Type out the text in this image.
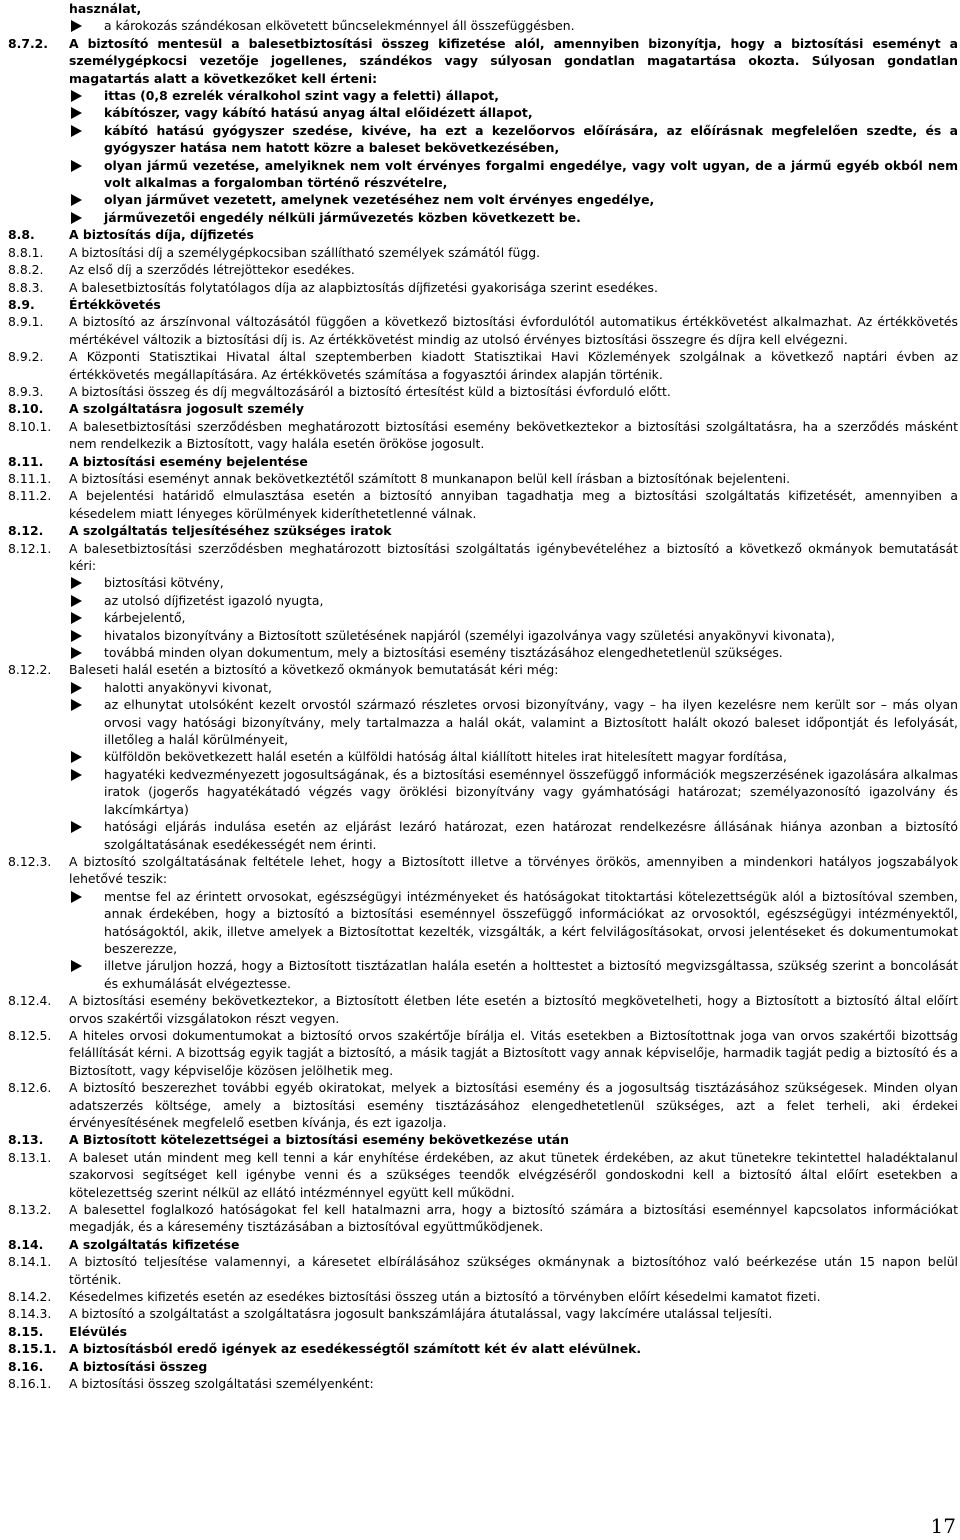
használat,
a károkozás szándékosan elkövetett bűncselekménnyel áll összefüggésben.
8.7.2.	A biztosító mentesül a balesetbiztosítási összeg kifizetése alól, amennyiben bizonyítja, hogy a biztosítási eseményt a személygépkocsi vezetője jogellenes, szándékos vagy súlyosan gondatlan magatartása okozta. Súlyosan gondatlan magatartás alatt a következőket kell érteni:
ittas (0,8 ezrelék véralkohol szint vagy a feletti) állapot,
kábítószer, vagy kábító hatású anyag által előidézett állapot,
kábító hatású gyógyszer szedése, kivéve, ha ezt a kezelőorvos előírására, az előírásnak megfelelően szedte, és a gyógyszer hatása nem hatott közre a baleset bekövetkezésében,
olyan jármű vezetése, amelyiknek nem volt érvényes forgalmi engedélye, vagy volt ugyan, de a jármű egyéb okból nem volt alkalmas a forgalomban történő részvételre,
olyan járművet vezetett, amelynek vezetéséhez nem volt érvényes engedélye,
járművezetői engedély nélküli járművezetés közben következett be.
8.8.	A biztosítás díja, díjfizetés
8.8.1.	A biztosítási díj a személygépkocsiban szállítható személyek számától függ.
8.8.2.	Az első díj a szerződés létrejöttekor esedékes.
8.8.3.	A balesetbiztosítás folytatólagos díja az alapbiztosítás díjfizetési gyakorisága szerint esedékes.
8.9.	Értékkövetés
8.9.1.	A biztosító az árszínvonal változásától függően a következő biztosítási évfordulótól automatikus értékkövetést alkalmazhat. Az értékkövetés mértékével változik a biztosítási díj is. Az értékkövetést mindig az utolsó érvényes biztosítási összegre és díjra kell elvégezni.
8.9.2.	A Központi Statisztikai Hivatal által szeptemberben kiadott Statisztikai Havi Közlemények szolgálnak a következő naptári évben az értékkövetés megállapítására. Az értékkövetés számítása a fogyasztói árindex alapján történik.
8.9.3.	A biztosítási összeg és díj megváltozásáról a biztosító értesítést küld a biztosítási évforduló előtt.
8.10.	A szolgáltatásra jogosult személy
8.10.1.	A balesetbiztosítási szerződésben meghatározott biztosítási esemény bekövetkeztekor a biztosítási szolgáltatásra, ha a szerződés másként nem rendelkezik a Biztosított, vagy halála esetén örököse jogosult.
8.11.	A biztosítási esemény bejelentése
8.11.1.	A biztosítási eseményt annak bekövetkeztétől számított 8 munkanapon belül kell írásban a biztosítónak bejelenteni.
8.11.2.	A bejelentési határidő elmulasztása esetén a biztosító annyiban tagadhatja meg a biztosítási szolgáltatás kifizetését, amennyiben a késedelem miatt lényeges körülmények kideríthetetlenné válnak.
8.12.	A szolgáltatás teljesítéséhez szükséges iratok
8.12.1.	A balesetbiztosítási szerződésben meghatározott biztosítási szolgáltatás igénybevételéhez a biztosító a következő okmányok bemutatását kéri:
biztosítási kötvény,
az utolsó díjfizetést igazoló nyugta,
kárbejelentő,
hivatalos bizonyítvány a Biztosított születésének napjáról (személyi igazolványa vagy születési anyakönyvi kivonata),
továbbá minden olyan dokumentum, mely a biztosítási esemény tisztázásához elengedhetetlenül szükséges.
8.12.2.	Baleseti halál esetén a biztosító a következő okmányok bemutatását kéri még:
halotti anyakönyvi kivonat,
az elhunytat utolsóként kezelt orvostól származó részletes orvosi bizonyítvány, vagy – ha ilyen kezelésre nem került sor – más olyan orvosi vagy hatósági bizonyítvány, mely tartalmazza a halál okát, valamint a Biztosított halált okozó baleset időpontját és lefolyását, illetőleg a halál körülményeit,
külföldön bekövetkezett halál esetén a külföldi hatóság által kiállított hiteles irat hitelesített magyar fordítása,
hagyatéki kedvezményezett jogosultságának, és a biztosítási eseménnyel összefüggő információk megszerzésének igazolására alkalmas iratok (jogerős hagyatékátadó végzés vagy öröklési bizonyítvány vagy gyámhatósági határozat; személyazonosító igazolvány és lakcímkártya)
hatósági eljárás indulása esetén az eljárást lezáró határozat, ezen határozat rendelkezésre állásának hiánya azonban a biztosító szolgáltatásának esedékességét nem érinti.
8.12.3.	A biztosító szolgáltatásának feltétele lehet, hogy a Biztosított illetve a törvényes örökös, amennyiben a mindenkori hatályos jogszabályok lehetővé teszik:
mentse fel az érintett orvosokat, egészségügyi intézményeket és hatóságokat titoktartási kötelezettségük alól a biztosítóval szemben, annak érdekében, hogy a biztosító a biztosítási eseménnyel összefüggő információkat az orvosoktól, egészségügyi intézményektől, hatóságoktól, akik, illetve amelyek a Biztosítottat kezelték, vizsgálták, a kért felvilágosításokat, orvosi jelentéseket és dokumentumokat beszerezze,
illetve járuljon hozzá, hogy a Biztosított tisztázatlan halála esetén a holttestet a biztosító megvizsgáltassa, szükség szerint a boncolását és exhumálását elvégeztesse.
8.12.4.	A biztosítási esemény bekövetkeztekor, a Biztosított életben léte esetén a biztosító megkövetelheti, hogy a Biztosított a biztosító által előírt orvos szakértői vizsgálatokon részt vegyen.
8.12.5.	A hiteles orvosi dokumentumokat a biztosító orvos szakértője bírálja el. Vitás esetekben a Biztosítottnak joga van orvos szakértői bizottság felállítását kérni. A bizottság egyik tagját a biztosító, a másik tagját a Biztosított vagy annak képviselője, harmadik tagját pedig a biztosító és a Biztosított, vagy képviselője közösen jelölhetik meg.
8.12.6.	A biztosító beszerezhet további egyéb okiratokat, melyek a biztosítási esemény és a jogosultság tisztázásához szükségesek. Minden olyan adatszerzés költsége, amely a biztosítási esemény tisztázásához elengedhetetlenül szükséges, azt a felet terheli, aki érdekei érvényesítésének megfelelő esetben kívánja, és ezt igazolja.
8.13.	A Biztosított kötelezettségei a biztosítási esemény bekövetkezése után
8.13.1.	A baleset után mindent meg kell tenni a kár enyhítése érdekében, az akut tünetek érdekében, az akut tünetekre tekintettel haladéktalanul szakorvosi segítséget kell igénybe venni és a szükséges teendők elvégzéséről gondoskodni kell a biztosító által előírt esetekben a kötelezettség szerint nélkül az ellátó intézménnyel együtt kell működni.
8.13.2.	A balesettel foglalkozó hatóságokat fel kell hatalmazni arra, hogy a biztosító számára a biztosítási eseménnyel kapcsolatos információkat megadják, és a káresemény tisztázásában a biztosítóval együttműködjenek.
8.14.	A szolgáltatás kifizetése
8.14.1.	A biztosító teljesítése valamennyi, a káresetet elbírálásához szükséges okmánynak a biztosítóhoz való beérkezése után 15 napon belül történik.
8.14.2.	Késedelmes kifizetés esetén az esedékes biztosítási összeg után a biztosító a törvényben előírt késedelmi kamatot fizeti.
8.14.3.	A biztosító a szolgáltatást a szolgáltatásra jogosult bankszámlájára átutalással, vagy lakcímére utalással teljesíti.
8.15.	Elévülés
8.15.1. A biztosításból eredő igények az esedékességtől számított két év alatt elévülnek.
8.16.	A biztosítási összeg
8.16.1.	A biztosítási összeg szolgáltatási személyenként:
17
